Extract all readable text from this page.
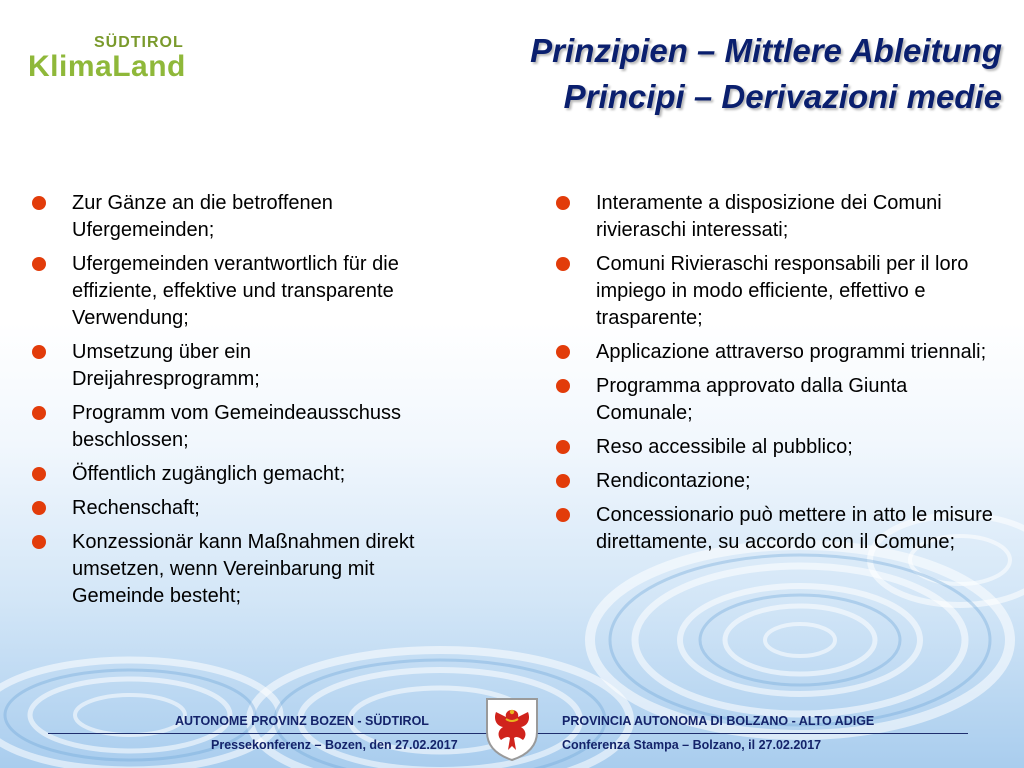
SÜDTIROL
KlimaLand	Prinzipien – Mittlere Ableitung
Principi – Derivazioni medie
Zur Gänze an die betroffenen Ufergemeinden;
Ufergemeinden verantwortlich für die effiziente, effektive und transparente Verwendung;
Umsetzung über ein Dreijahresprogramm;
Programm vom Gemeindeausschuss beschlossen;
Öffentlich zugänglich gemacht;
Rechenschaft;
Konzessionär kann Maßnahmen direkt umsetzen, wenn Vereinbarung mit Gemeinde besteht;
Interamente a disposizione dei Comuni rivieraschi interessati;
Comuni Rivieraschi responsabili per il loro impiego in modo efficiente, effettivo e trasparente;
Applicazione attraverso programmi triennali;
Programma approvato dalla Giunta Comunale;
Reso accessibile al pubblico;
Rendicontazione;
Concessionario può mettere in atto le misure direttamente, su accordo con il Comune;
AUTONOME PROVINZ BOZEN - SÜDTIROL
Pressekonferenz – Bozen, den 27.02.2017
PROVINCIA AUTONOMA DI BOLZANO - ALTO ADIGE
Conferenza Stampa – Bolzano, il 27.02.2017
